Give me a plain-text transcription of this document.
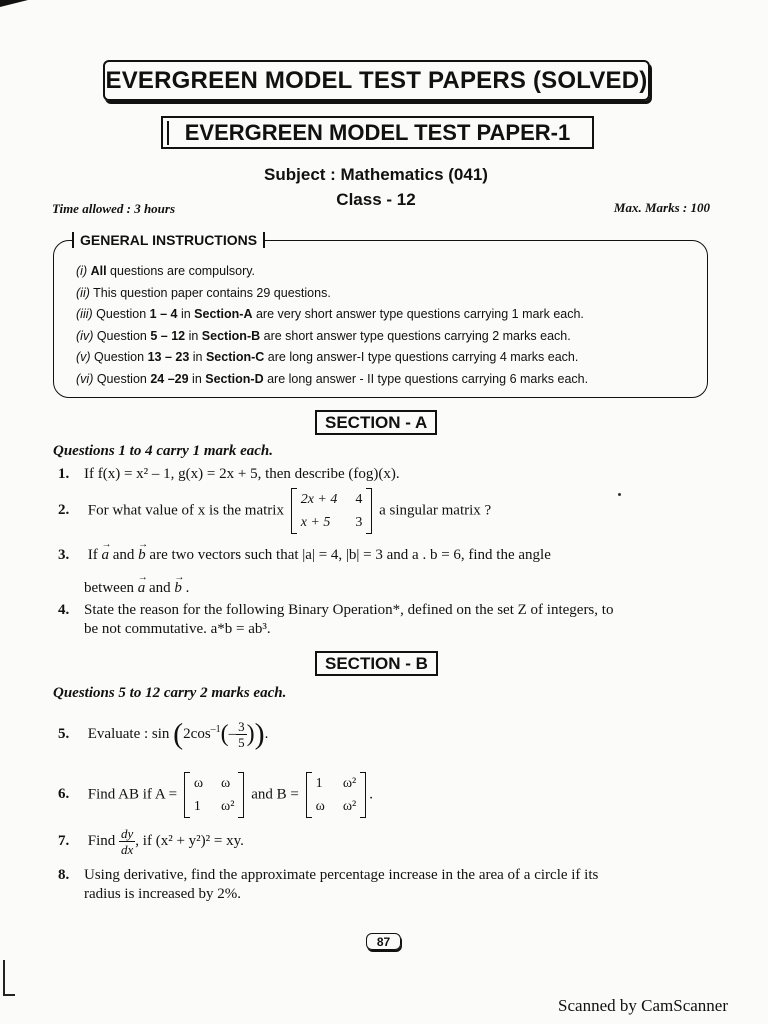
EVERGREEN MODEL TEST PAPERS (SOLVED)
EVERGREEN MODEL TEST PAPER-1
Subject : Mathematics (041)
Class - 12
Time allowed : 3 hours	Max. Marks : 100
GENERAL INSTRUCTIONS
(i) All questions are compulsory.
(ii) This question paper contains 29 questions.
(iii) Question 1 – 4 in Section-A are very short answer type questions carrying 1 mark each.
(iv) Question 5 – 12 in Section-B are short answer type questions carrying 2 marks each.
(v) Question 13 – 23 in Section-C are long answer-I type questions carrying 4 marks each.
(vi) Question 24 –29 in Section-D are long answer - II type questions carrying 6 marks each.
SECTION - A
Questions 1 to 4 carry 1 mark each.
1. If f(x) = x² – 1, g(x) = 2x + 5, then describe (fog)(x).
2. For what value of x is the matrix
2x + 4 4
x + 5	3
a singular matrix ?
3. If → a and → b are two vectors such that |a| = 4, |b| = 3 and a . b = 6, find the angle
between → a and → b .
4. State the reason for the following Binary Operation*, defined on the set Z of integers, to
be not commutative. a*b = ab³.
SECTION - B
Questions 5 to 12 carry 2 marks each.
5. Evaluate : $\sin (2\cos^{-1}(- \frac{3}{5}$ )).
6. Find AB if A =
ω ω
1 ω²
and B =
1 ω²
ω ω²
.
7. Find $\frac{dy}{dx}$ , if (x² + y²)² = xy.
8. Using derivative, find the approximate percentage increase in the area of a circle if its
radius is increased by 2%.
87
Scanned by CamScanner
